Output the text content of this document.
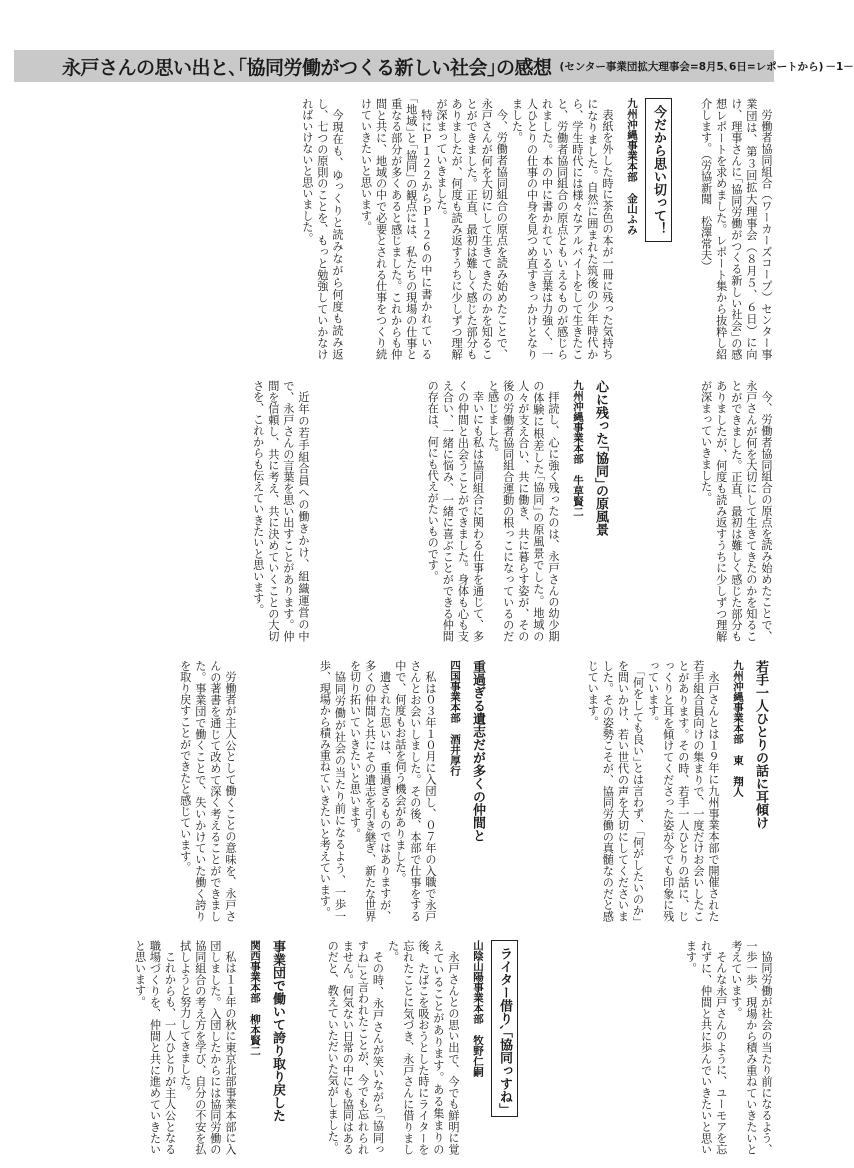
永戸さんの思い出と､｢協同労働がつくる新しい社会｣の感想 (センター事業団拡大理事会=8月5､6日=レポートから) －1－

労働者協同組合（ワーカーズコープ）センター事業団は、第３回拡大理事会（８月５、６日）に向け、理事さんに｢協同労働がつくる新しい社会｣の感想レポートを求めました。レポート集から抜粋し紹介します。（労協新聞　松澤常夫）

今だから思い切って！
九州沖縄事業本部金山ふみ

表紙を外した時に茶色の本が一冊に残った気持ちになりました。自然に囲まれた筑後の少年時代から、学生時代には様々なアルバイトをして生きたこと、労働者協同組合の原点ともいえるものが感じられました。本の中に書かれている言葉は力強く、一人ひとりの仕事の中身を見つめ直すきっかけとなりました。

今、労働者協同組合の原点を読み始めたことで、永戸さんが何を大切にして生きてきたのかを知ることができました。正直、最初は難しく感じた部分もありましたが、何度も読み返すうちに少しずつ理解が深まっていきました。

特にＰ１２２からＰ１２６の中に書かれている｢地域｣と｢協同｣の観点には、私たちの現場の仕事と重なる部分が多くあると感じました。これからも仲間と共に、地域の中で必要とされる仕事をつくり続けていきたいと思います。

今現在も、ゆっくりと読みながら何度も読み返し、七つの原則のことを、もっと勉強していかなければいけないと思いました。

今、労働者協同組合の原点を読み始めたことで、永戸さんが何を大切にして生きてきたのかを知ることができました。正直、最初は難しく感じた部分もありましたが、何度も読み返すうちに少しずつ理解が深まっていきました。

心に残った｢協同｣の原風景
九州沖縄事業本部牛草賢二

拝読し、心に強く残ったのは、永戸さんの幼少期の体験に根差した｢協同｣の原風景でした。地域の人々が支え合い、共に働き、共に暮らす姿が、その後の労働者協同組合運動の根っこになっているのだと感じました。

幸いにも私は協同組合に関わる仕事を通じて、多くの仲間と出会うことができました。身体も心も支え合い、一緒に悩み、一緒に喜ぶことができる仲間の存在は、何にも代えがたいものです。

近年の若手組合員への働きかけ、組織運営の中で、永戸さんの言葉を思い出すことがあります。仲間を信頼し、共に考え、共に決めていくことの大切さを、これからも伝えていきたいと思います。

若手一人ひとりの話に耳傾け
九州沖縄事業本部東　翔人

永戸さんとは１９年に九州事業本部で開催された若手組合員向けの集まりで、一度だけお会いしたことがあります。その時、若手一人ひとりの話に、じっくりと耳を傾けてくださった姿が今でも印象に残っています。

｢何をしても良い｣とは言わず、｢何がしたいのか｣を問いかけ、若い世代の声を大切にしてくださいました。その姿勢こそが、協同労働の真髄なのだと感じています。

重過ぎる遺志だが多くの仲間と
四国事業本部酒井厚行

私は０３年１０月に入団し、０７年の入職で永戸さんとお会いしました。その後、本部で仕事をする中で、何度もお話を伺う機会がありました。

遺された思いは、重過ぎるものではありますが、多くの仲間と共にその遺志を引き継ぎ、新たな世界を切り拓いていきたいと思います。

協同労働が社会の当たり前になるよう、一歩一歩、現場から積み重ねていきたいと考えています。

労働者が主人公として働くことの意味を、永戸さんの著書を通じて改めて深く考えることができました。事業団で働くことで、失いかけていた働く誇りを取り戻すことができたと感じています。

協同労働が社会の当たり前になるよう、一歩一歩、現場から積み重ねていきたいと考えています。

そんな永戸さんのように、ユーモアを忘れずに、仲間と共に歩んでいきたいと思います。

ライター借り､｢協同っすね｣
山陰山陽事業本部牧野仁嗣

永戸さんとの思い出で、今でも鮮明に覚えていることがあります。ある集まりの後、たばこを吸おうとした時にライターを忘れたことに気づき、永戸さんに借りました。

その時、永戸さんが笑いながら｢協同っすね｣と言われたことが、今でも忘れられません。何気ない日常の中にも協同はあるのだと、教えていただいた気がしました。

事業団で働いて誇り取り戻した
関西事業本部柳本賢二

私は１１年の秋に東京北部事業本部に入団しました。入団したからには協同労働の協同組合の考え方を学び、自分の不安を払拭しようと努力してきました。

これからも、一人ひとりが主人公となる職場づくりを、仲間と共に進めていきたいと思います。
